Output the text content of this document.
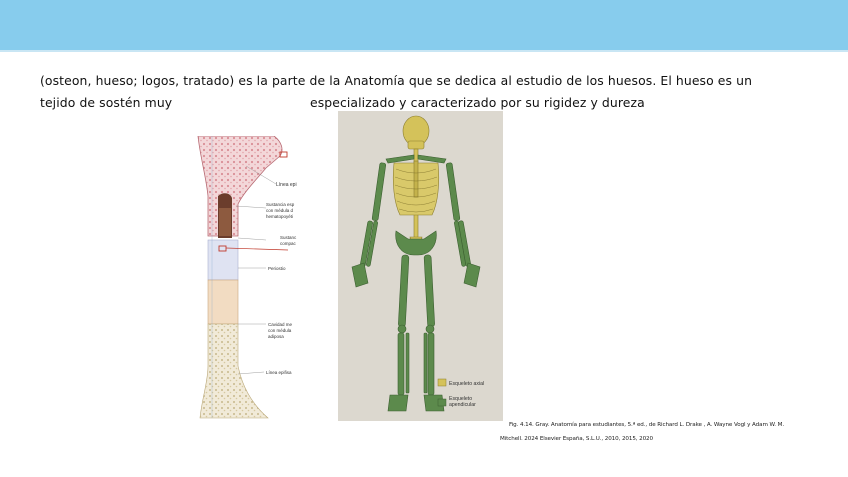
(osteon, hueso; logos, tratado) es la parte de la Anatomía que se dedica al estudio de los huesos. El hueso es un
tejido de sostén muy	especializado y caracterizado por su rigidez y dureza
Línea epi
Sustancia esp
con médula d
hematopoyéti
Sustanc
compac
Periostio
Cavidad me
con médula
adiposa
Línea epifisa
Esqueleto axial
Esqueleto apendicular
Fig. 4.14. Gray. Anatomía para estudiantes, 5.ª ed., de Richard L. Drake , A. Wayne Vogl y Adam W. M.
Mitchell. 2024 Elsevier España, S.L.U., 2010, 2015, 2020
